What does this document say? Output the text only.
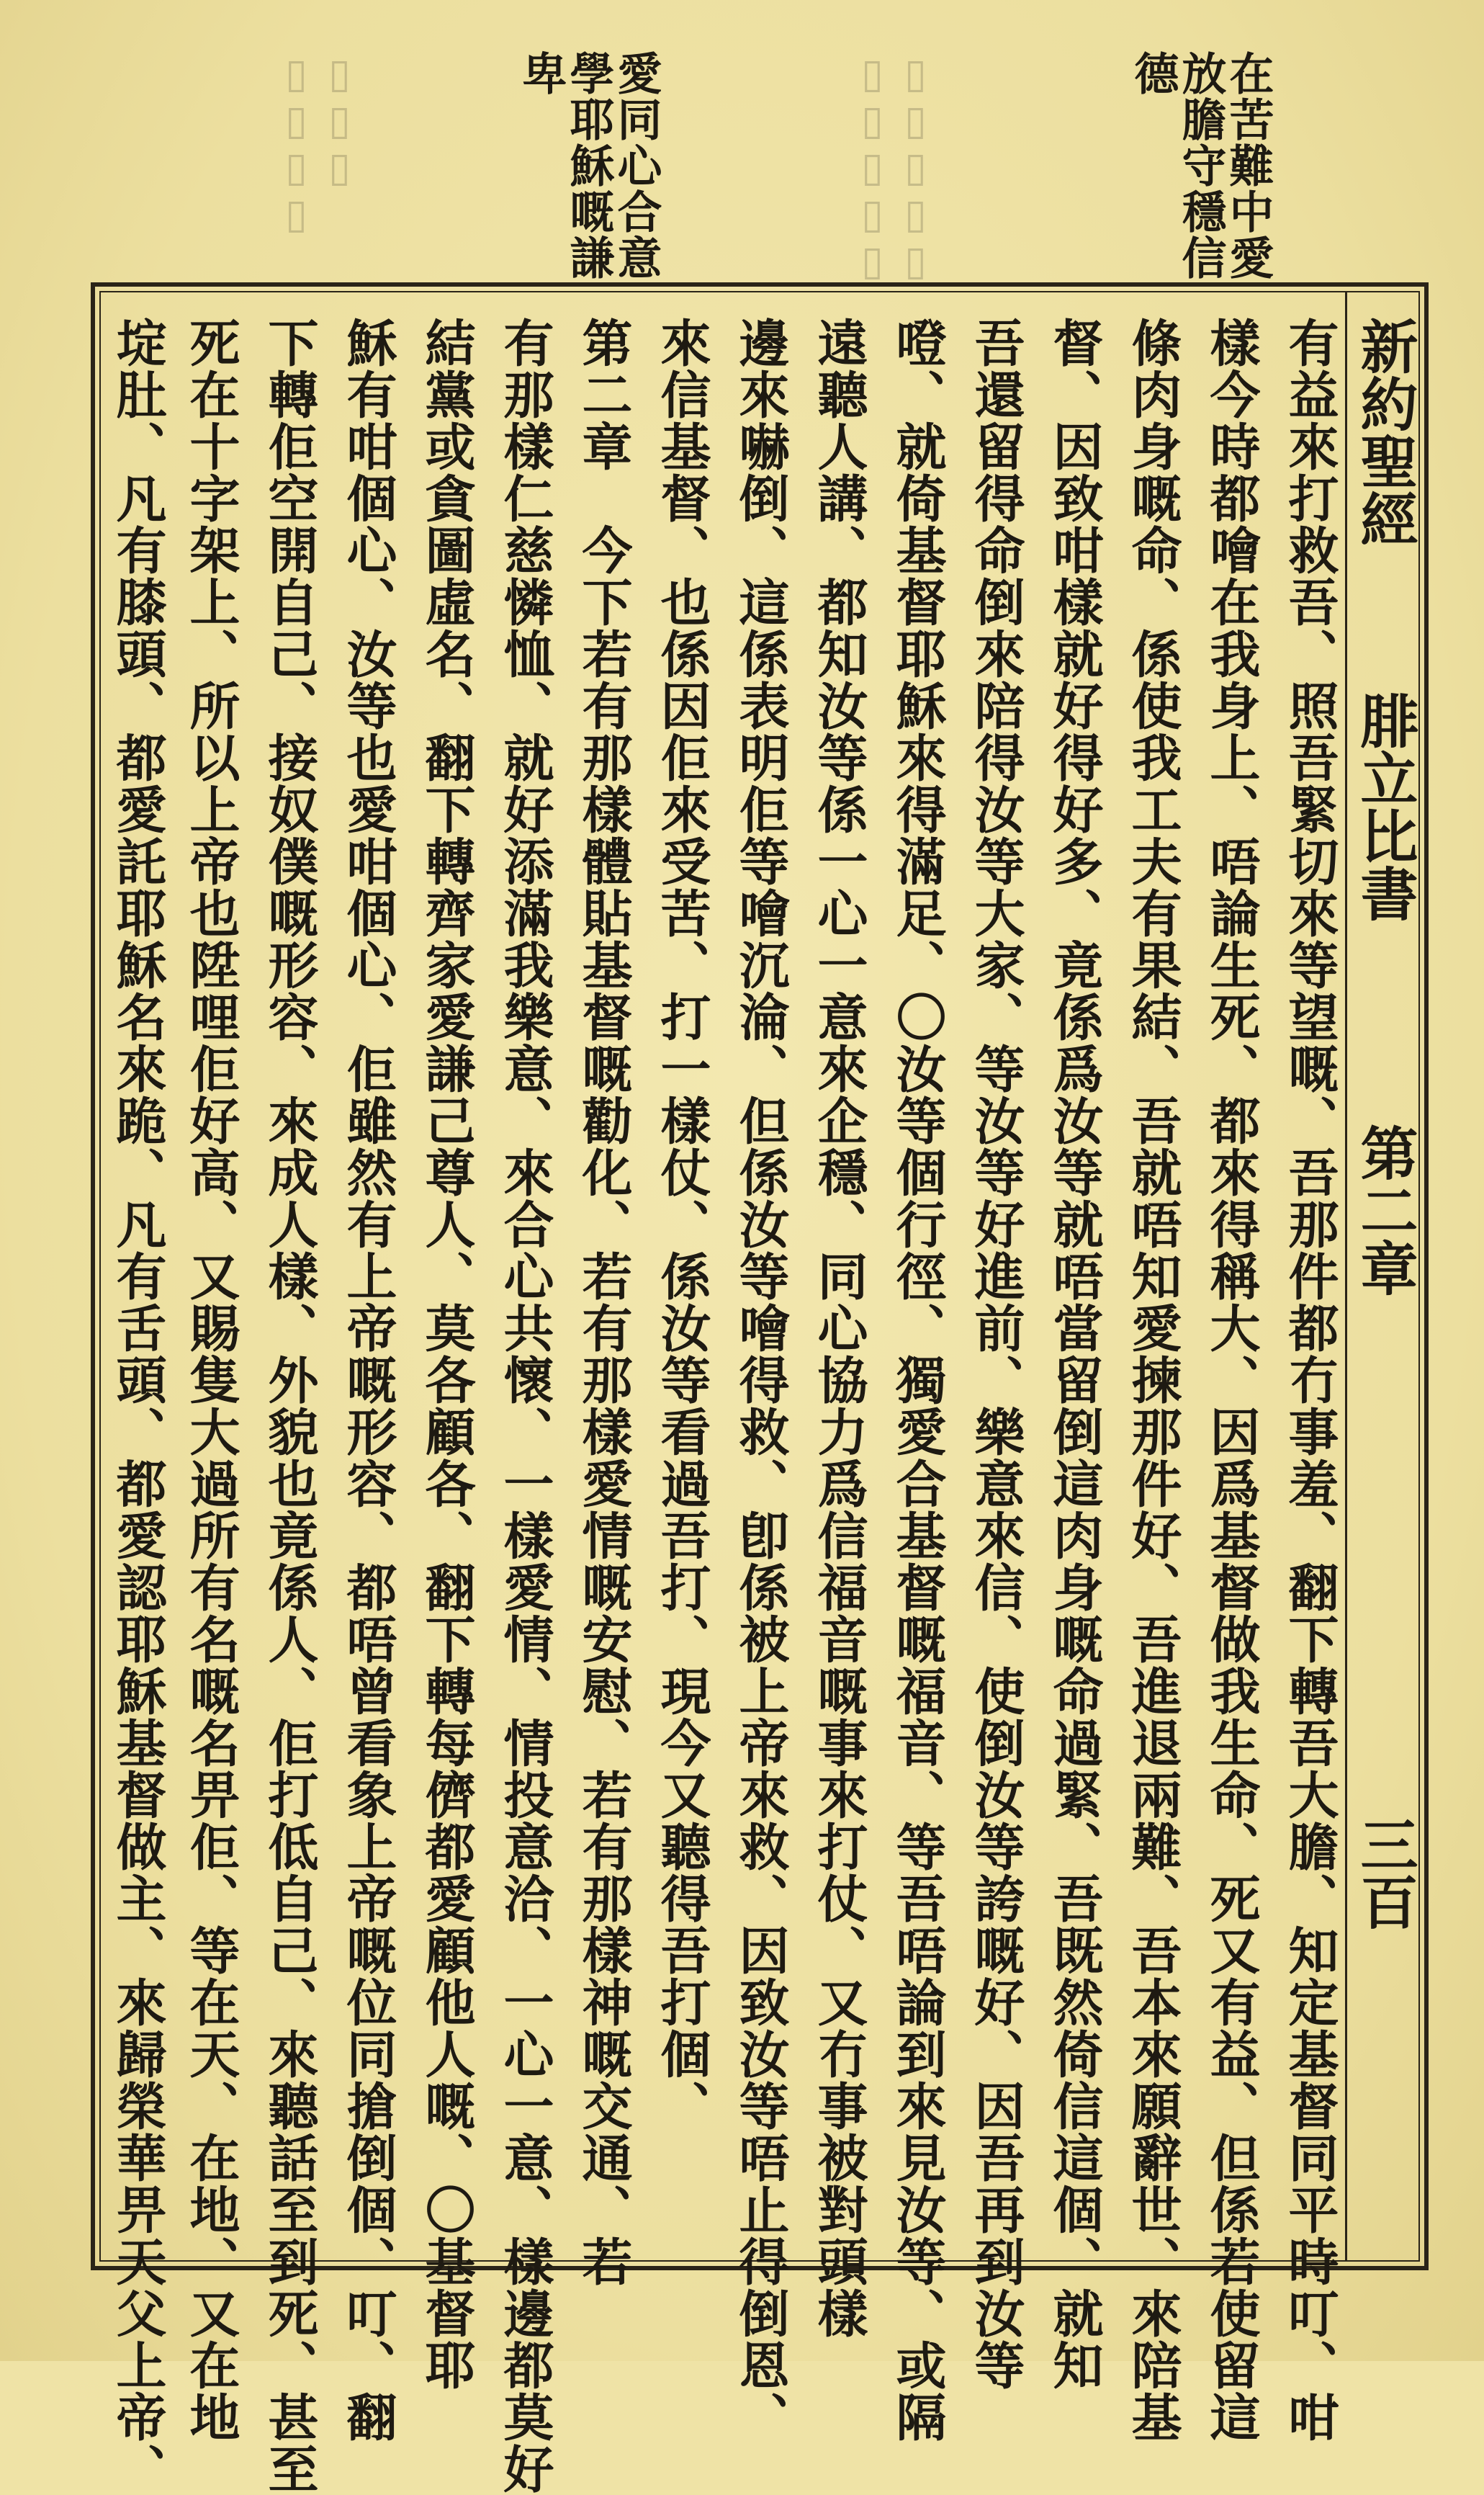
▯▯▯▯▯
▯▯▯▯▯
▯▯▯
▯▯▯▯	在苦難中愛
放膽守穩信
德
愛同心合意
學耶穌嘅謙
卑
新約聖經
腓立比書
第二章
三百
有益來打救吾、照吾緊切來等望嘅、吾那件都冇事羞、翻下轉吾大膽、知定基督同平時叮、咁
樣今時都噲在我身上、唔論生死、都來得稱大、因爲基督做我生命、死又有益、但係若使留這
條肉身嘅命、係使我工夫有果結、吾就唔知愛揀那件好、吾進退兩難、吾本來願辭世、來陪基
督、因致咁樣就好得好多、竟係爲汝等就唔當留倒這肉身嘅命過緊、吾既然倚信這個、就知
吾還留得命倒來陪得汝等大家、等汝等好進前、樂意來信、使倒汝等誇嘅好、因吾再到汝等
噔、就倚基督耶穌來得滿足、〇汝等個行徑、獨愛合基督嘅福音、等吾唔論到來見汝等、或隔
遠聽人講、都知汝等係一心一意來企穩、同心協力爲信福音嘅事來打仗、又冇事被對頭樣
邊來嚇倒、這係表明佢等噲沉淪、但係汝等噲得救、卽係被上帝來救、因致汝等唔止得倒恩、
來信基督、也係因佢來受苦、打一樣仗、係汝等看過吾打、現今又聽得吾打個、
第二章　今下若有那樣體貼基督嘅勸化、若有那樣愛情嘅安慰、若有那樣神嘅交通、若
有那樣仁慈憐恤、就好添滿我樂意、來合心共懷、一樣愛情、情投意洽、一心一意、樣邊都莫好
結黨或貪圖虛名、翻下轉齊家愛謙己尊人、莫各顧各、翻下轉每儕都愛顧他人嘅、〇基督耶
穌有咁個心、汝等也愛咁個心、佢雖然有上帝嘅形容、都唔曾看象上帝嘅位同搶倒個、叮、翻
下轉佢空開自己、接奴僕嘅形容、來成人樣、外貌也竟係人、佢打低自己、來聽話至到死、甚至
死在十字架上、所以上帝也陞哩佢好高、又賜隻大過所有名嘅名畀佢、等在天、在地、又在地
埞肚、凡有膝頭、都愛託耶穌名來跪、凡有舌頭、都愛認耶穌基督做主、來歸榮華畀天父上帝、
